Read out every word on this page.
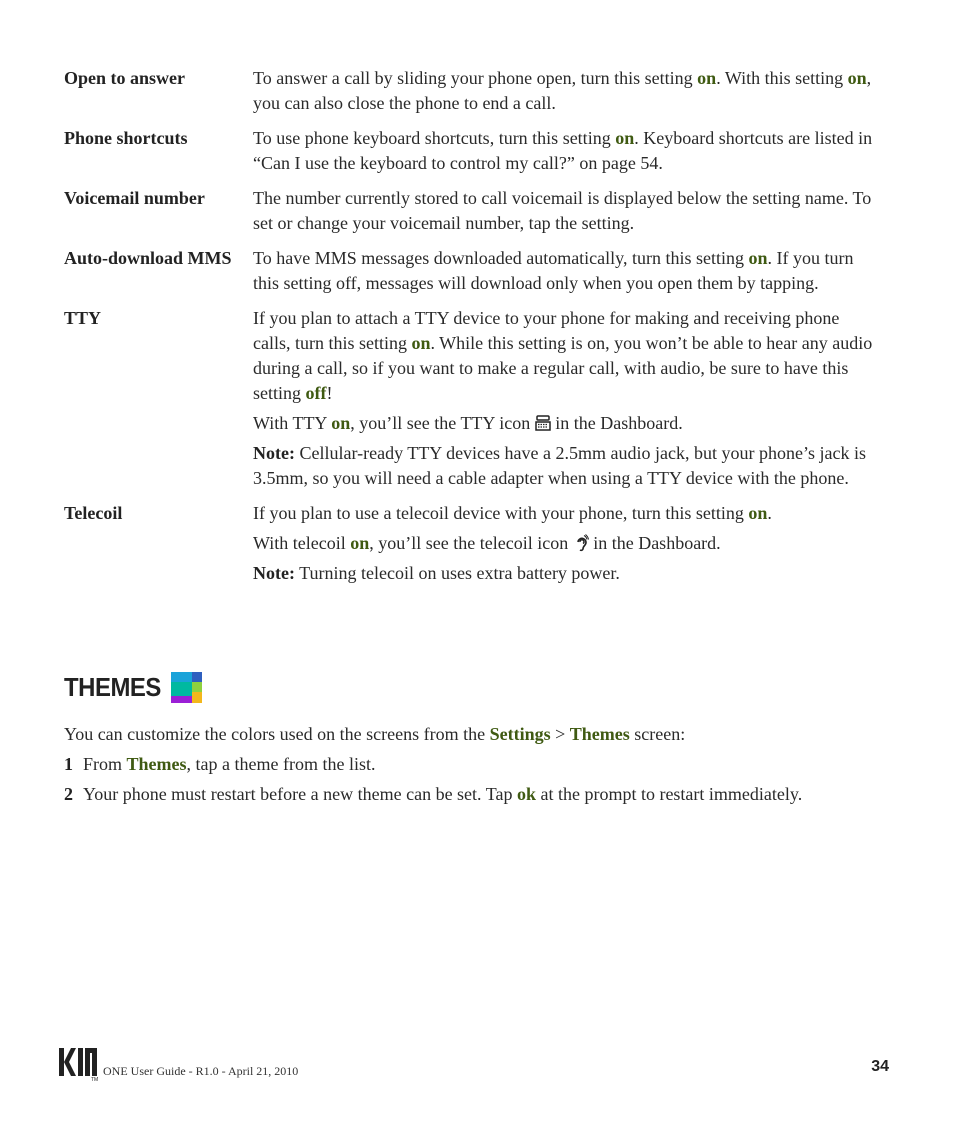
Open to answer	To answer a call by sliding your phone open, turn this setting on. With this setting on, you can also close the phone to end a call.

Phone shortcuts	To use phone keyboard shortcuts, turn this setting on. Keyboard shortcuts are listed in “Can I use the keyboard to control my call?” on page 54.

Voicemail number	The number currently stored to call voicemail is displayed below the setting name. To set or change your voicemail number, tap the setting.

Auto-download MMS	To have MMS messages downloaded automatically, turn this setting on. If you turn this setting off, messages will download only when you open them by tapping.

TTY	If you plan to attach a TTY device to your phone for making and receiving phone calls, turn this setting on. While this setting is on, you won’t be able to hear any audio during a call, so if you want to make a regular call, with audio, be sure to have this setting off!

With TTY on, you’ll see the TTY icon  in the Dashboard.

Note: Cellular-ready TTY devices have a 2.5mm audio jack, but your phone’s jack is 3.5mm, so you will need a cable adapter when using a TTY device with the phone.

Telecoil	If you plan to use a telecoil device with your phone, turn this setting on.

With telecoil on, you’ll see the telecoil icon  in the Dashboard.

Note: Turning telecoil on uses extra battery power.

THEMES

You can customize the colors used on the screens from the Settings > Themes screen:

1 From Themes, tap a theme from the list.
2 Your phone must restart before a new theme can be set. Tap ok at the prompt to restart immediately.
TM
ONE User Guide - R1.0 - April 21, 2010	34
